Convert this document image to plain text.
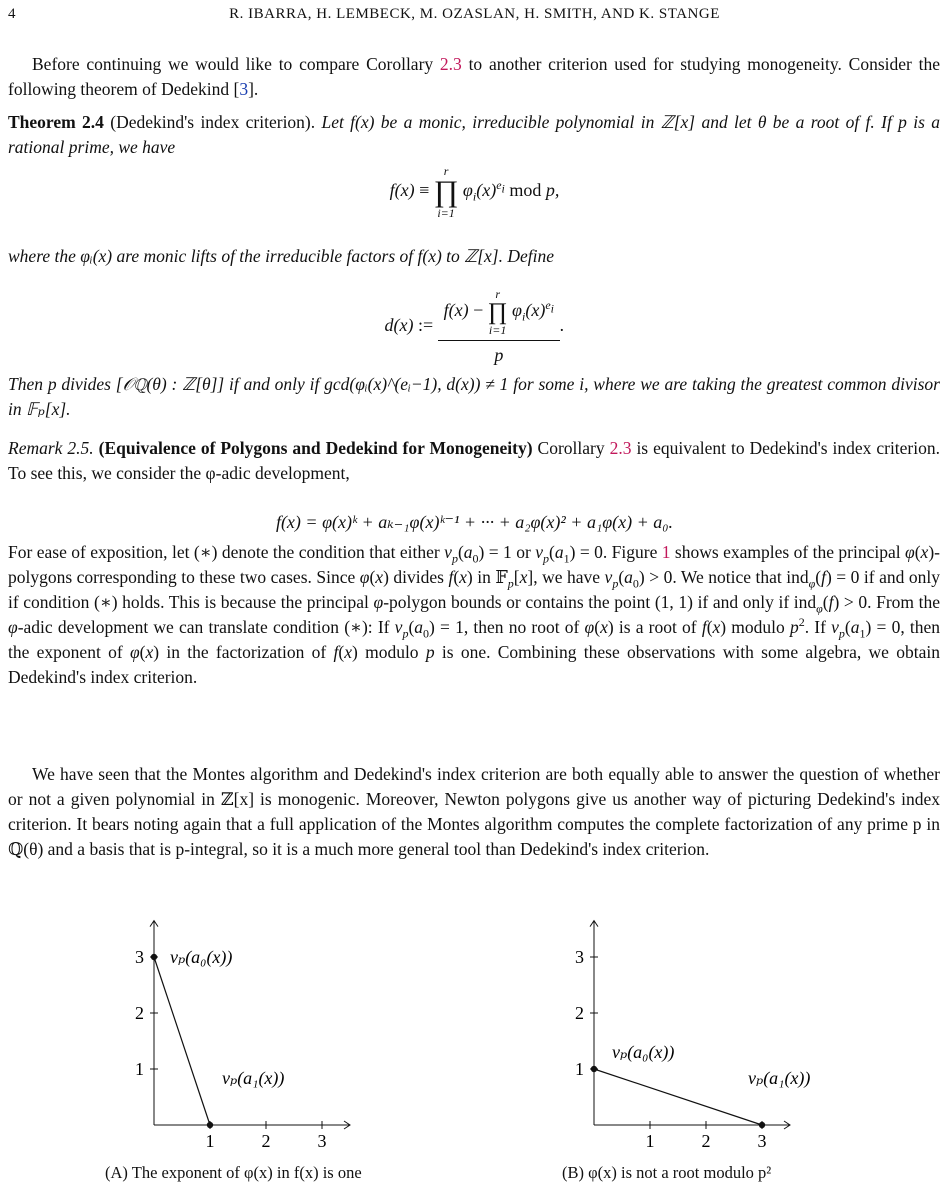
4	R. IBARRA, H. LEMBECK, M. OZASLAN, H. SMITH, AND K. STANGE
Before continuing we would like to compare Corollary 2.3 to another criterion used for studying monogeneity. Consider the following theorem of Dedekind [3].
Theorem 2.4 (Dedekind's index criterion). Let f(x) be a monic, irreducible polynomial in ℤ[x] and let θ be a root of f. If p is a rational prime, we have
f(x) ≡
r
∏
i=1
$\varphi_i(x)^{e_i}$ mod p,
where the φᵢ(x) are monic lifts of the irreducible factors of f(x) to ℤ[x]. Define
d(x) := f(x) −
r
∏
i=1
$\varphi_i(x)^{e_i}$
p .
Then p divides [𝒪ℚ(θ) : ℤ[θ]] if and only if gcd(φᵢ(x)^(eᵢ−1), d(x)) ≠ 1 for some i, where we are taking the greatest common divisor in 𝔽ₚ[x].
Remark 2.5. (Equivalence of Polygons and Dedekind for Monogeneity) Corollary 2.3 is equivalent to Dedekind's index criterion. To see this, we consider the φ-adic development,
f(x) = φ(x)ᵏ + aₖ₋₁φ(x)ᵏ⁻¹ + ··· + a₂φ(x)² + a₁φ(x) + a₀.
For ease of exposition, let (∗) denote the condition that either $v_p(a_0) = 1$ or $v_p(a_1) = 0$. Figure 1 shows examples of the principal φ(x)-polygons corresponding to these two cases. Since φ(x) divides f(x) in 𝔽$_p$[x], we have $v_p(a_0) > 0$. We notice that ind$_\varphi$(f) = 0 if and only if condition (∗) holds. This is because the principal φ-polygon bounds or contains the point (1, 1) if and only if ind$_\varphi$(f) > 0. From the φ-adic development we can translate condition (∗): If $v_p(a_0) = 1$, then no root of φ(x) is a root of f(x) modulo $p^2$. If $v_p(a_1) = 0$, then the exponent of φ(x) in the factorization of f(x) modulo p is one. Combining these observations with some algebra, we obtain Dedekind's index criterion.
We have seen that the Montes algorithm and Dedekind's index criterion are both equally able to answer the question of whether or not a given polynomial in ℤ[x] is monogenic. Moreover, Newton polygons give us another way of picturing Dedekind's index criterion. It bears noting again that a full application of the Montes algorithm computes the complete factorization of any prime p in ℚ(θ) and a basis that is p-integral, so it is a much more general tool than Dedekind's index criterion.
1	2	3
1
2
3 vₚ(a₀(x))
vₚ(a₁(x))
1	2	3
1
2
3
vₚ(a₀(x))
vₚ(a₁(x))
(A) The exponent of φ(x) in f(x) is one	(B) φ(x) is not a root modulo p²
